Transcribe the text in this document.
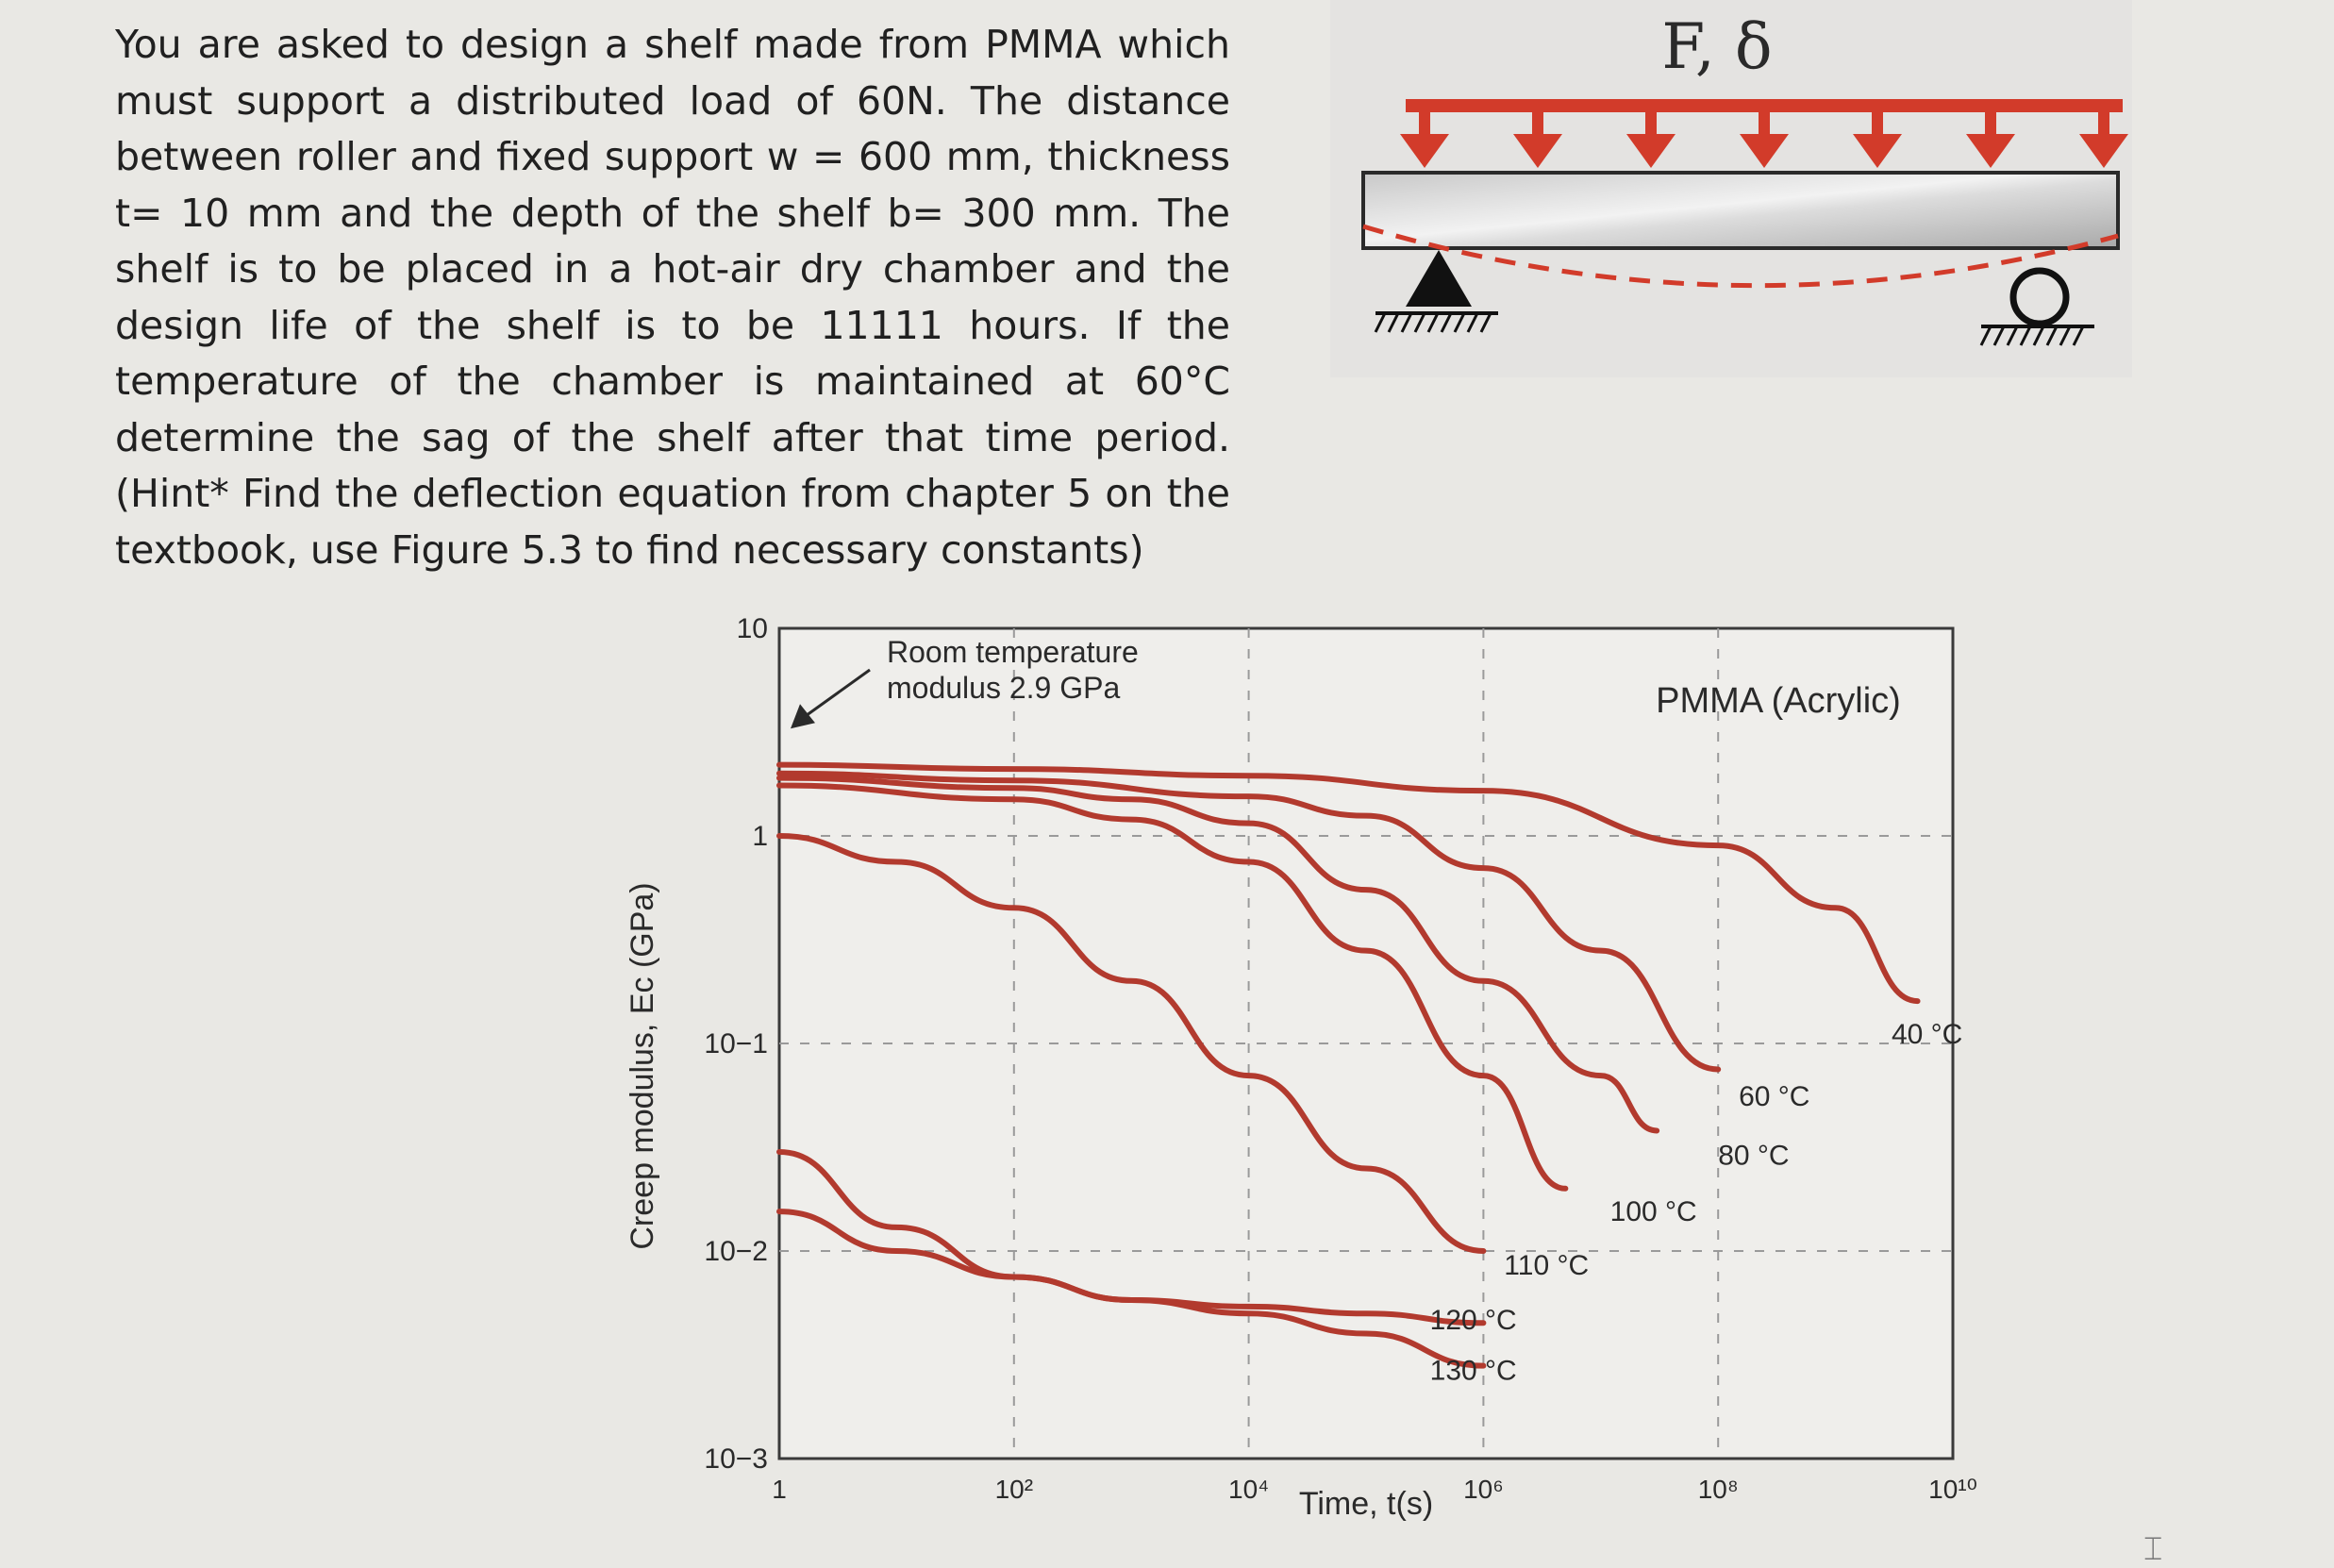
You are asked to design a shelf made from PMMA which must support a distributed load of 60N. The distance between roller and fixed support w = 600 mm, thickness t= 10 mm and the depth of the shelf b= 300 mm. The shelf is to be placed in a hot-air dry chamber and the design life of the shelf is to be 11111 hours. If the temperature of the chamber is maintained at 60°C determine the sag of the shelf after that time period. (Hint* Find the deflection equation from chapter 5 on the textbook, use Figure 5.3 to find necessary constants)
F, δ
1	10²	10⁴	10⁶	10⁸	10¹⁰
10
1
10−1
10−2
10−3
40 °C
60 °C
80 °C
100 °C
110 °C
120 °C
130 °C
Room temperature modulus 2.9 GPa	PMMA (Acrylic)
Time, t(s)
Creep modulus, Ec (GPa)
⌶
